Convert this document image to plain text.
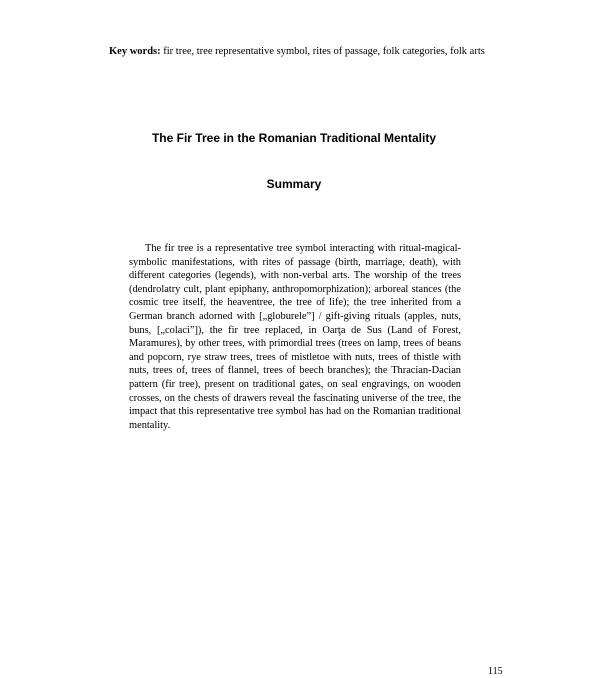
Key words: fir tree, tree representative symbol, rites of passage, folk categories, folk arts
The Fir Tree in the Romanian Traditional Mentality
Summary
The fir tree is a representative tree symbol interacting with ritual-magical-symbolic manifestations, with rites of passage (birth, marriage, death), with different categories (legends), with non-verbal arts. The worship of the trees (dendrolatry cult, plant epiphany, anthropomorphization); arboreal stances (the cosmic tree itself, the heaventree, the tree of life); the tree inherited from a German branch adorned with [„globurele”] / gift-giving rituals (apples, nuts, buns, [„colaci”]), the fir tree replaced, in Oarţa de Sus (Land of Forest, Maramures), by other trees, with primordial trees (trees on lamp, trees of beans and popcorn, rye straw trees, trees of mistletoe with nuts, trees of thistle with nuts, trees of, trees of flannel, trees of beech branches); the Thracian-Dacian pattern (fir tree), present on traditional gates, on seal engravings, on wooden crosses, on the chests of drawers reveal the fascinating universe of the tree, the impact that this representative tree symbol has had on the Romanian traditional mentality.
115
